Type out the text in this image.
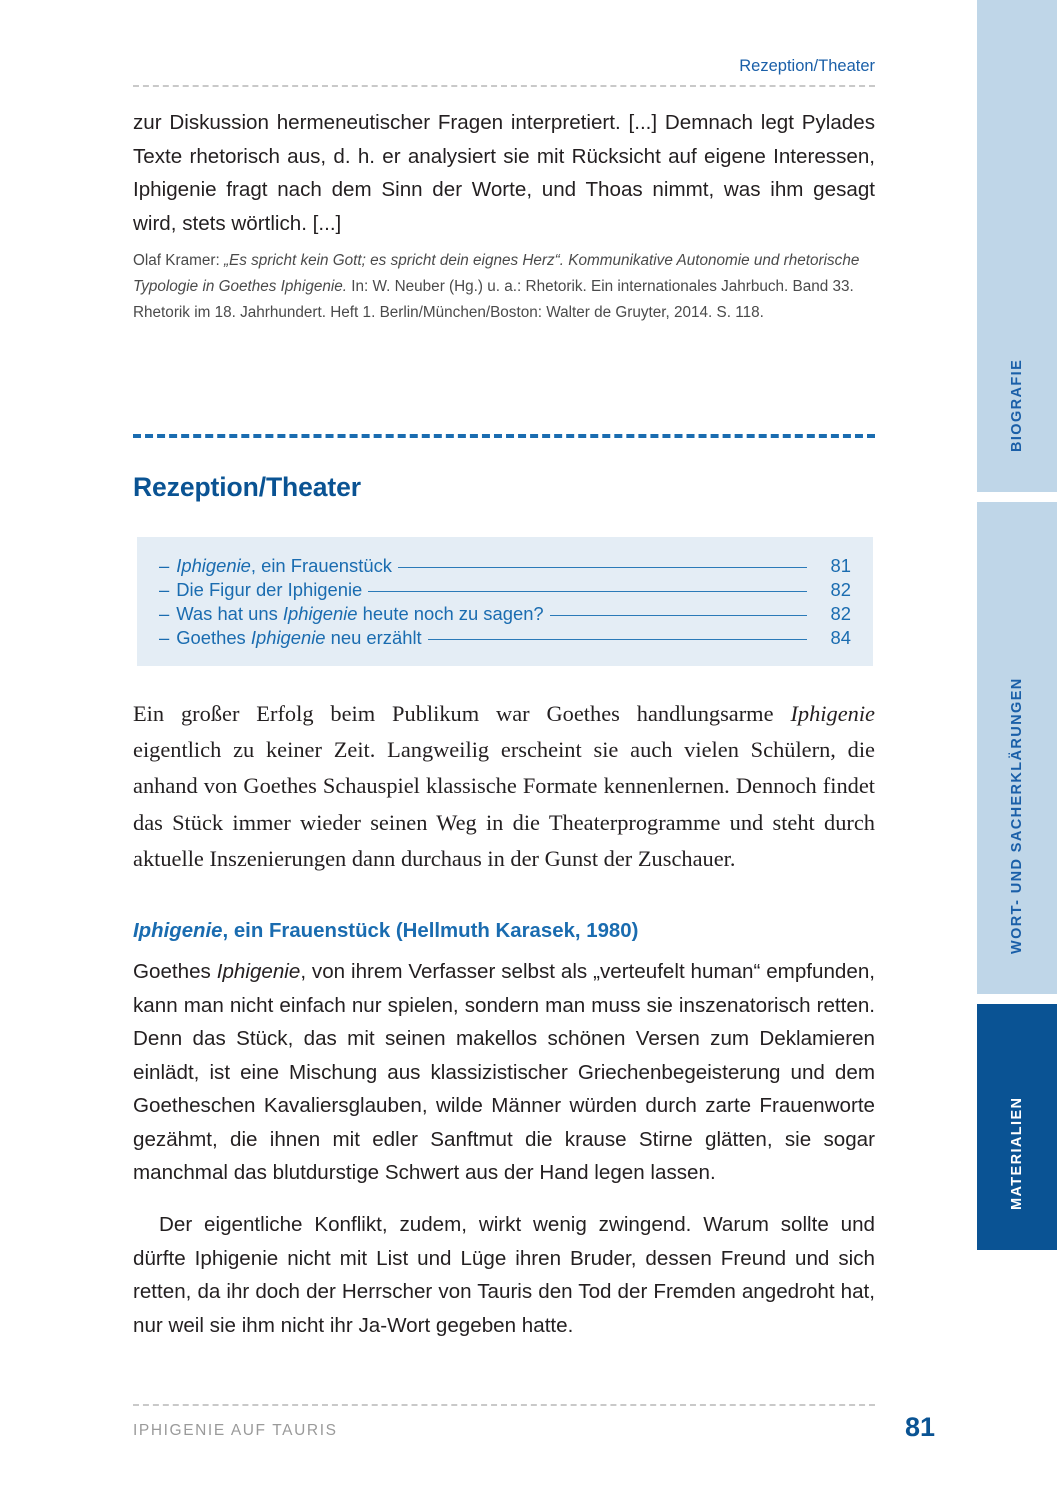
BIOGRAFIE
WORT- UND SACHERKLÄRUNGEN
MATERIALIEN
Rezeption/Theater
zur Diskussion hermeneutischer Fragen interpretiert. [...] Demnach legt Pylades Texte rhetorisch aus, d. h. er analysiert sie mit Rücksicht auf eigene Interessen, Iphigenie fragt nach dem Sinn der Worte, und Thoas nimmt, was ihm gesagt wird, stets wörtlich. [...]
Olaf Kramer: „Es spricht kein Gott; es spricht dein eignes Herz“. Kommunikative Autonomie und rhetorische Typologie in Goethes Iphigenie. In: W. Neuber (Hg.) u. a.: Rhetorik. Ein internationales Jahrbuch. Band 33. Rhetorik im 18. Jahrhundert. Heft 1. Berlin/München/Boston: Walter de Gruyter, 2014. S. 118.
Rezeption/Theater
– Iphigenie, ein Frauenstück	81
– Die Figur der Iphigenie	82
– Was hat uns Iphigenie heute noch zu sagen?	82
– Goethes Iphigenie neu erzählt	84
Ein großer Erfolg beim Publikum war Goethes handlungsarme Iphigenie eigentlich zu keiner Zeit. Langweilig erscheint sie auch vielen Schülern, die anhand von Goethes Schauspiel klassische Formate kennenlernen. Dennoch findet das Stück immer wieder seinen Weg in die Theaterprogramme und steht durch aktuelle Inszenierungen dann durchaus in der Gunst der Zuschauer.
Iphigenie, ein Frauenstück (Hellmuth Karasek, 1980)
Goethes Iphigenie, von ihrem Verfasser selbst als „verteufelt human“ empfunden, kann man nicht einfach nur spielen, sondern man muss sie inszenatorisch retten. Denn das Stück, das mit seinen makellos schönen Versen zum Deklamieren einlädt, ist eine Mischung aus klassizistischer Griechenbegeisterung und dem Goetheschen Kavaliersglauben, wilde Männer würden durch zarte Frauenworte gezähmt, die ihnen mit edler Sanftmut die krause Stirne glätten, sie sogar manchmal das blutdurstige Schwert aus der Hand legen lassen.
Der eigentliche Konflikt, zudem, wirkt wenig zwingend. Warum sollte und dürfte Iphigenie nicht mit List und Lüge ihren Bruder, dessen Freund und sich retten, da ihr doch der Herrscher von Tauris den Tod der Fremden angedroht hat, nur weil sie ihm nicht ihr Ja-Wort gegeben hatte.
IPHIGENIE AUF TAURIS	81
